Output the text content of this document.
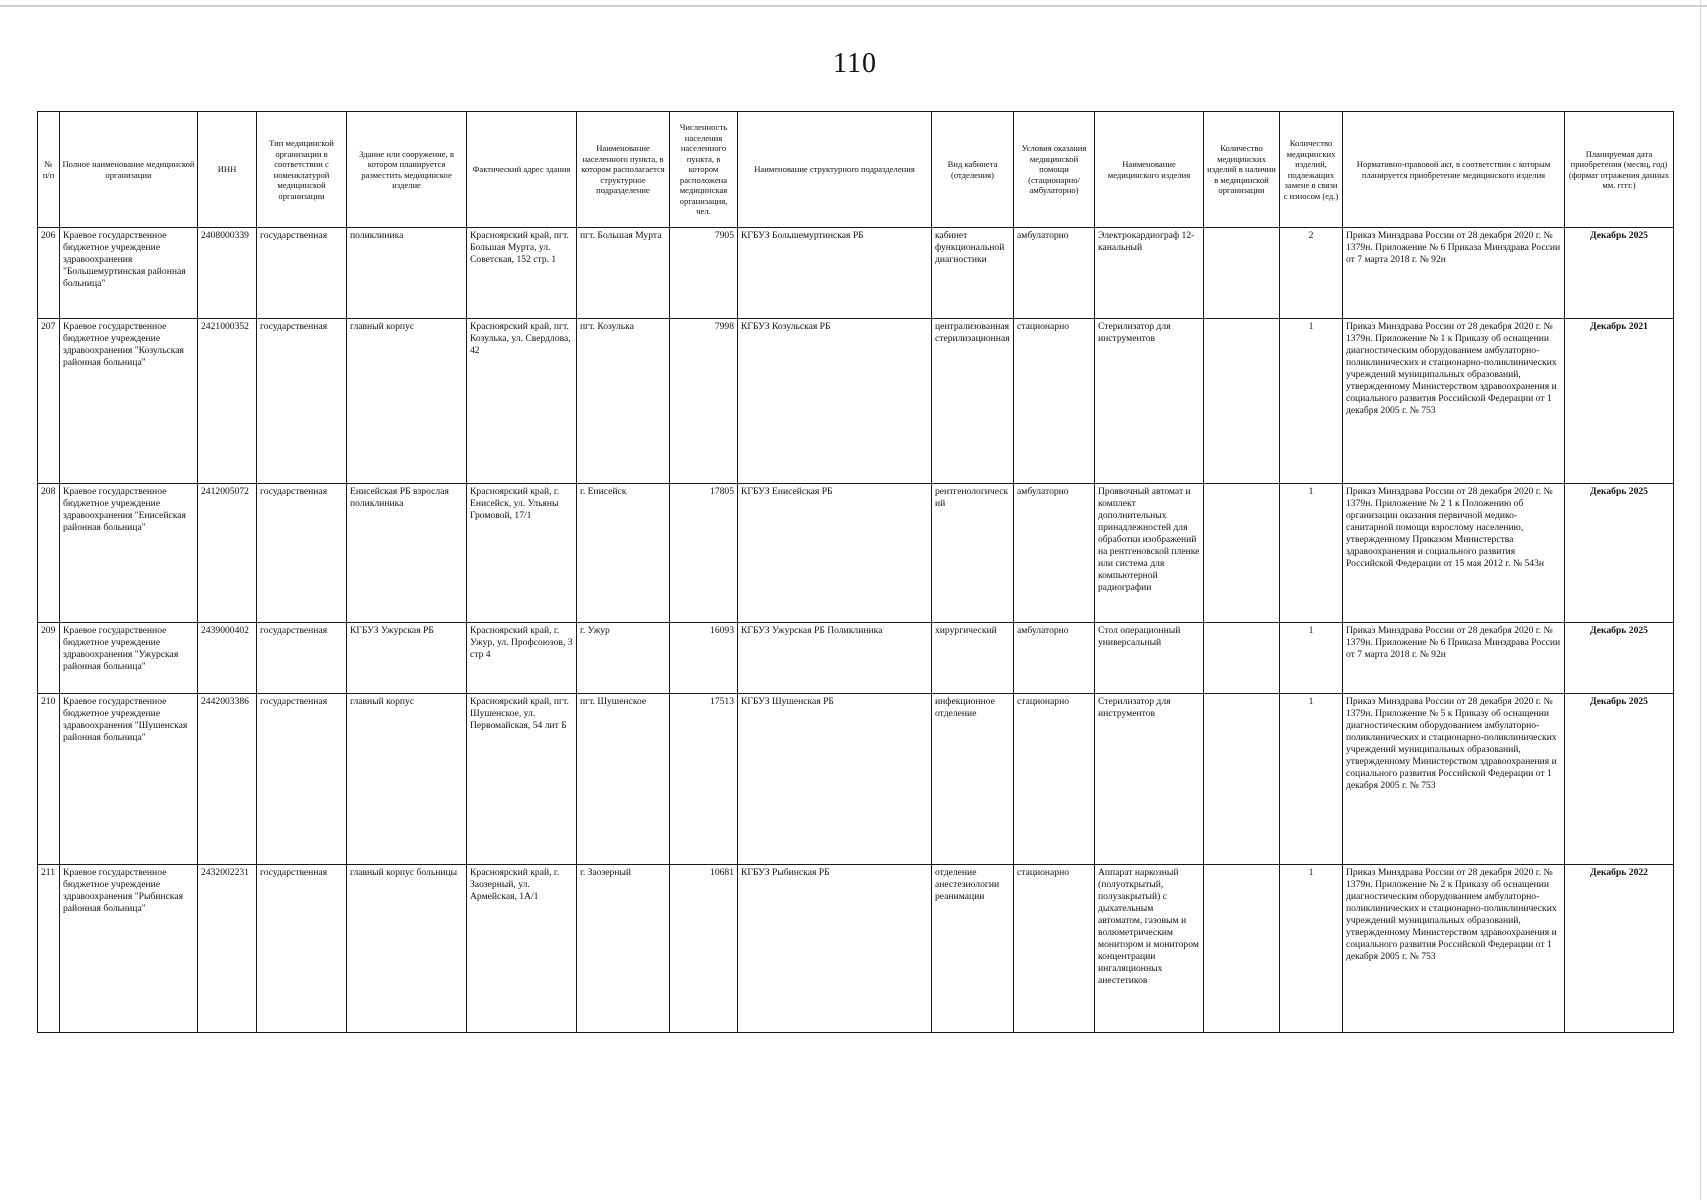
110
№ п/п	Полное наименование медицинской организации	ИНН	Тип медицинской организации в соответствии с номенклатурой медицинской организации	Здание или сооружение, в котором планируется разместить медицинское изделие	Фактический адрес здания	Наименование населенного пункта, в котором располагается структурное подразделение	Численность населения населенного пункта, в котором расположена медицинская организация, чел.	Наименование структурного подразделения	Вид кабинета (отделения)	Условия оказания медицинской помощи (стационарно/ амбулаторно)	Наименование медицинского изделия	Количество медицинских изделий в наличии в медицинской организации	Количество медицинских изделий, подлежащих замене в связи с износом (ед.)	Нормативно-правовой акт, в соответствии с которым планируется приобретение медицинского изделия	Планируемая дата приобретения (месяц, год) (формат отражения данных мм. гггг.)
206	Краевое государственное бюджетное учреждение здравоохранения "Большемуртинская районная больница"	2408000339	государственная	поликлиника	Красноярский край, пгт. Большая Мурта, ул. Советская, 152 стр. 1	пгт. Большая Мурта	7905	КГБУЗ Большемуртинская РБ	кабинет функциональной диагностики	амбулаторно	Электрокардиограф 12-канальный		2	Приказ Минздрава России от 28 декабря 2020 г. № 1379н. Приложение № 6 Приказа Минздрава России от 7 марта 2018 г. № 92н	Декабрь 2025
207	Краевое государственное бюджетное учреждение здравоохранения "Козульская районная больница"	2421000352	государственная	главный корпус	Красноярский край, пгт. Козулька, ул. Свердлова, 42	пгт. Козулька	7998	КГБУЗ Козульская РБ	централизованная стерилизационная	стационарно	Стерилизатор для инструментов		1	Приказ Минздрава России от 28 декабря 2020 г. № 1379н. Приложение № 1 к Приказу об оснащении диагностическим оборудованием амбулаторно-поликлинических и стационарно-поликлинических учреждений муниципальных образований, утвержденному Министерством здравоохранения и социального развития Российской Федерации от 1 декабря 2005 г. № 753	Декабрь 2021
208	Краевое государственное бюджетное учреждение здравоохранения "Енисейская районная больница"	2412005072	государственная	Енисейская РБ взрослая поликлиника	Красноярский край, г. Енисейск, ул. Ульяны Громовой, 17/1	г. Енисейск	17805	КГБУЗ Енисейская РБ	рентгенологический	амбулаторно	Проявочный автомат и комплект дополнительных принадлежностей для обработки изображений на рентгеновской пленке или система для компьютерной радиографии		1	Приказ Минздрава России от 28 декабря 2020 г. № 1379н. Приложение № 2 1 к Положению об организации оказания первичной медико-санитарной помощи взрослому населению, утвержденному Приказом Министерства здравоохранения и социального развития Российской Федерации от 15 мая 2012 г. № 543н	Декабрь 2025
209	Краевое государственное бюджетное учреждение здравоохранения "Ужурская районная больница"	2439000402	государственная	КГБУЗ Ужурская РБ	Красноярский край, г. Ужур, ул. Профсоюзов, 3 стр 4	г. Ужур	16093	КГБУЗ Ужурская РБ Поликлиника	хирургический	амбулаторно	Стол операционный универсальный		1	Приказ Минздрава России от 28 декабря 2020 г. № 1379н. Приложение № 6 Приказа Минздрава России от 7 марта 2018 г. № 92н	Декабрь 2025
210	Краевое государственное бюджетное учреждение здравоохранения "Шушенская районная больница"	2442003386	государственная	главный корпус	Красноярский край, пгт. Шушенское, ул. Первомайская, 54 лит Б	пгт. Шушенское	17513	КГБУЗ Шушенская РБ	инфекционное отделение	стационарно	Стерилизатор для инструментов		1	Приказ Минздрава России от 28 декабря 2020 г. № 1379н. Приложение № 5 к Приказу об оснащении диагностическим оборудованием амбулаторно-поликлинических и стационарно-поликлинических учреждений муниципальных образований, утвержденному Министерством здравоохранения и социального развития Российской Федерации от 1 декабря 2005 г. № 753	Декабрь 2025
211	Краевое государственное бюджетное учреждение здравоохранения "Рыбинская районная больница"	2432002231	государственная	главный корпус больницы	Красноярский край, г. Заозерный, ул. Армейская, 1А/1	г. Заозерный	10681	КГБУЗ Рыбинская РБ	отделение анестезиологии реанимации	стационарно	Аппарат наркозный (полуоткрытый, полузакрытый) с дыхательным автоматом, газовым и волюметрическим монитором и монитором концентрации ингаляционных анестетиков		1	Приказ Минздрава России от 28 декабря 2020 г. № 1379н. Приложение № 2 к Приказу об оснащении диагностическим оборудованием амбулаторно-поликлинических и стационарно-поликлинических учреждений муниципальных образований, утвержденному Министерством здравоохранения и социального развития Российской Федерации от 1 декабря 2005 г. № 753	Декабрь 2022
